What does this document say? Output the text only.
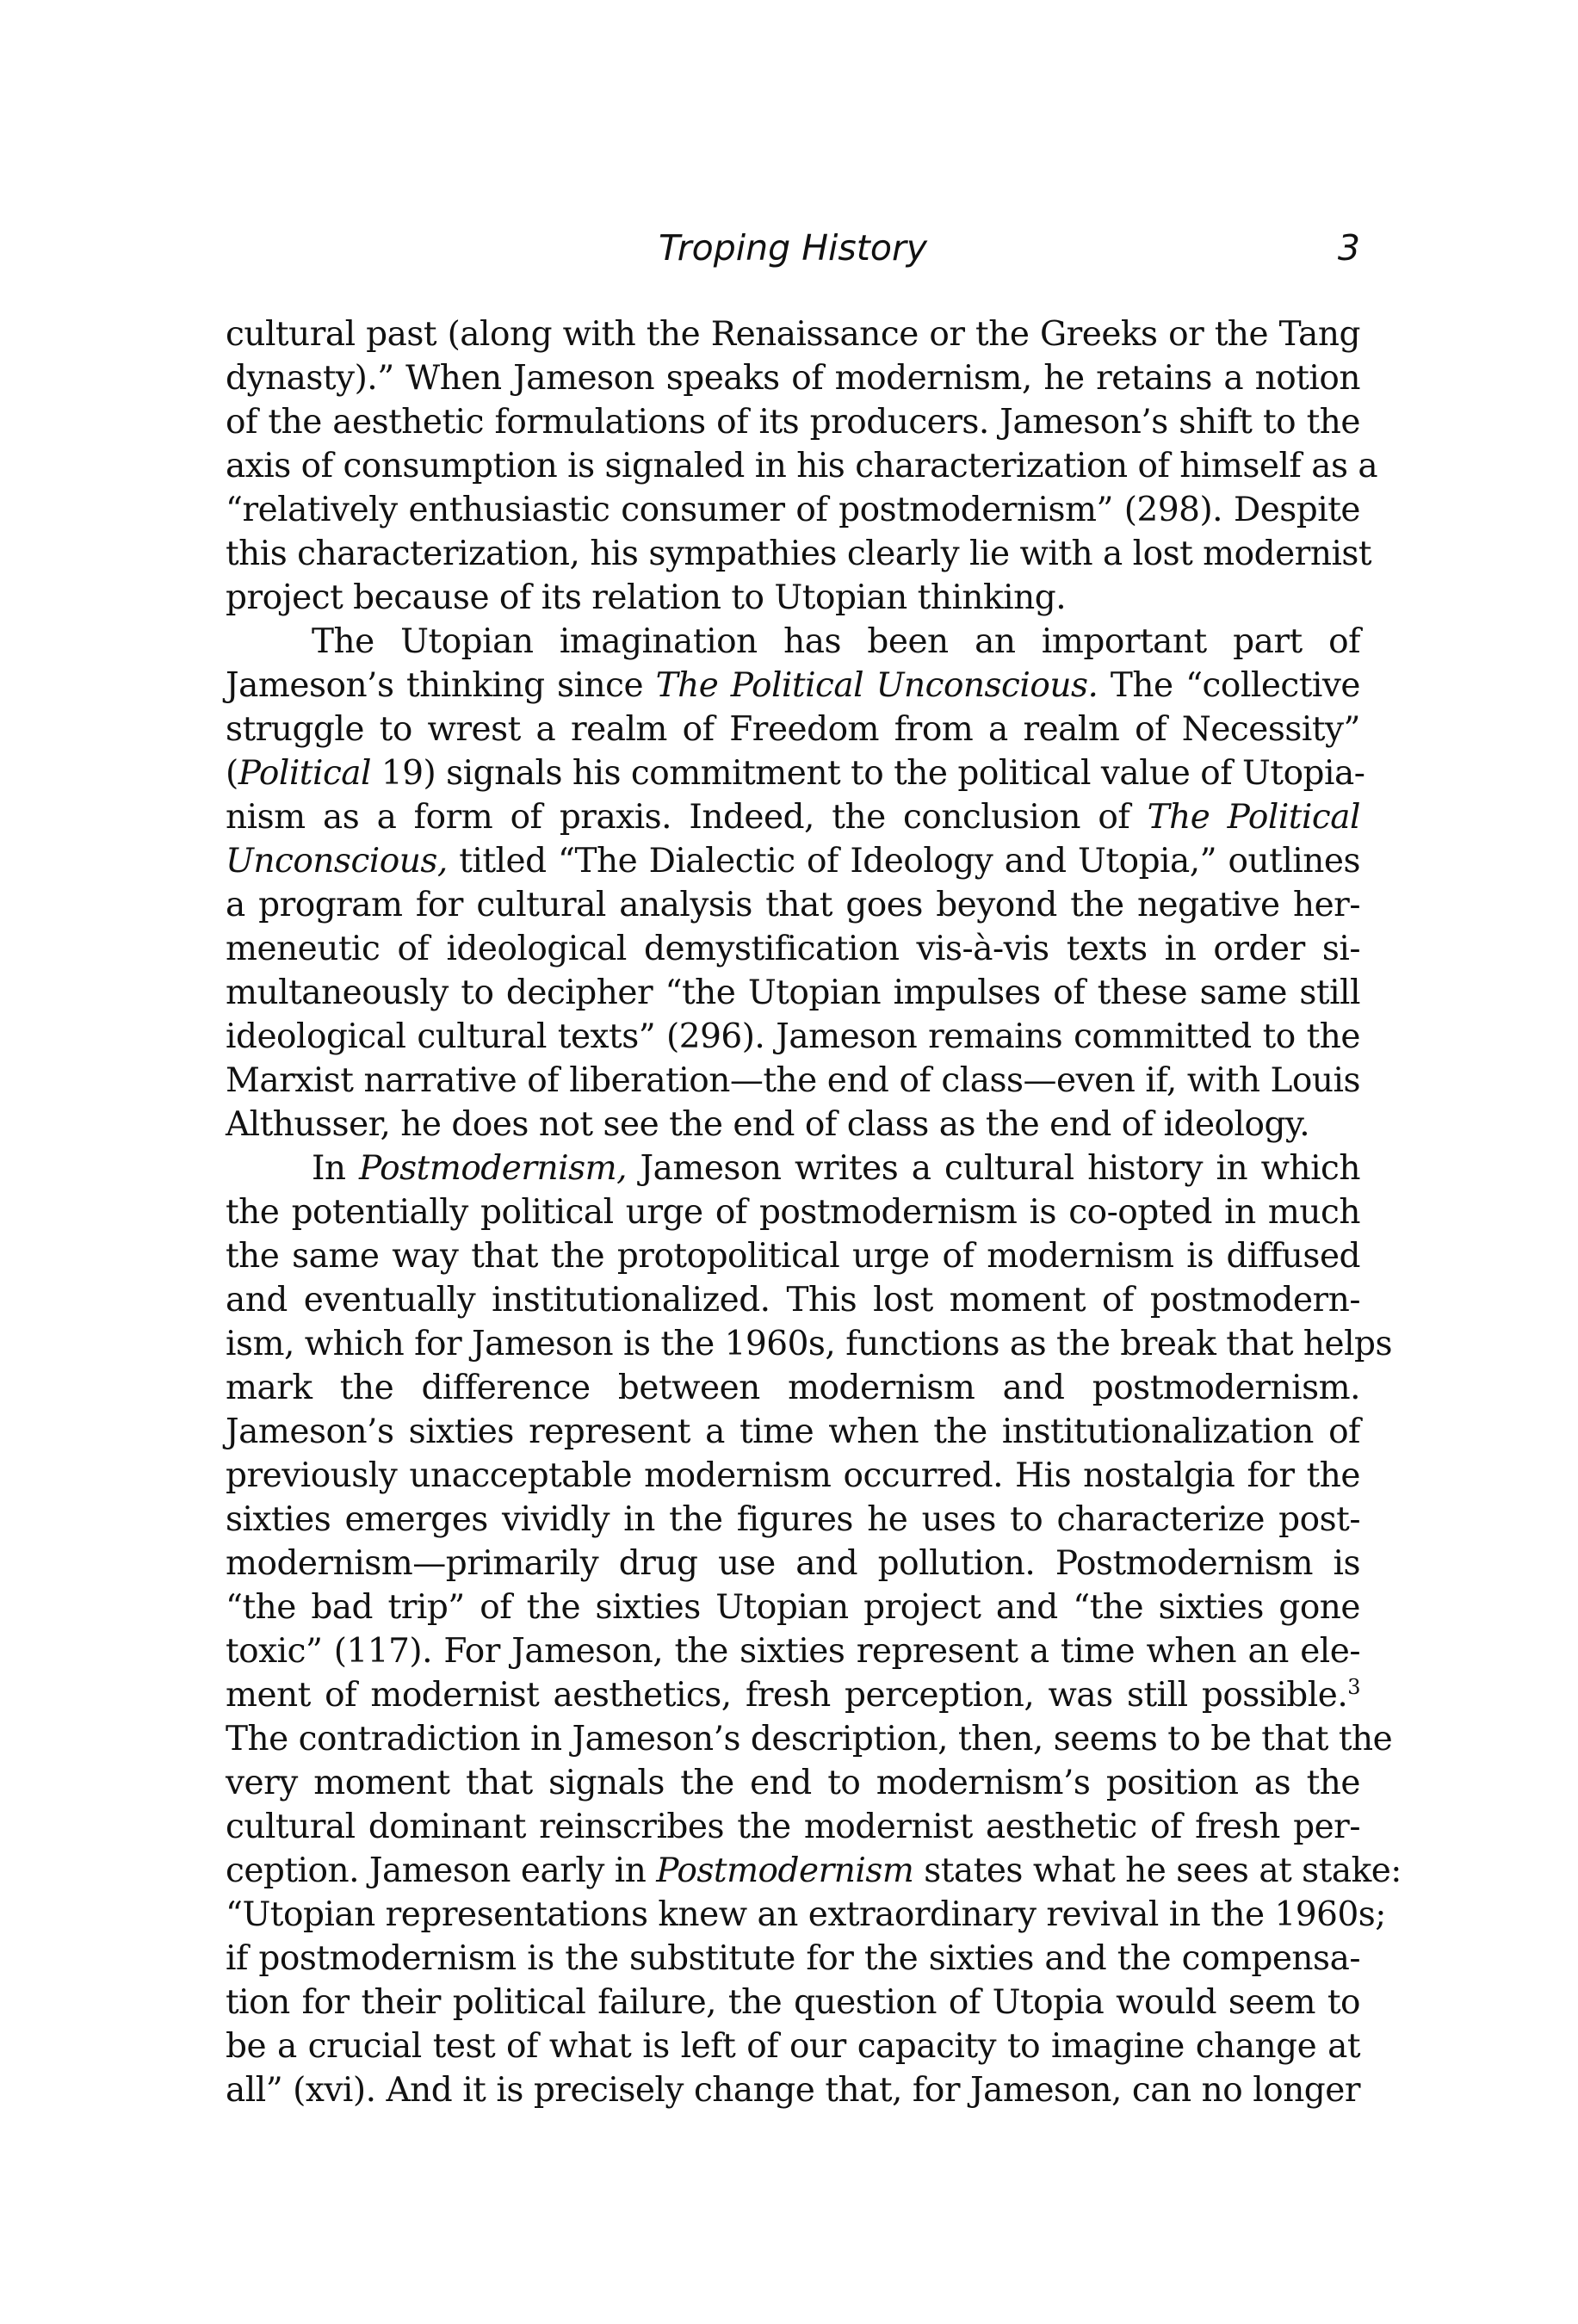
Troping History	3
cultural past (along with the Renaissance or the Greeks or the Tang
dynasty).” When Jameson speaks of modernism, he retains a notion
of the aesthetic formulations of its producers. Jameson’s shift to the
axis of consumption is signaled in his characterization of himself as a
“relatively enthusiastic consumer of postmodernism” (298). Despite
this characterization, his sympathies clearly lie with a lost modernist
project because of its relation to Utopian thinking.
The Utopian imagination has been an important part of
Jameson’s thinking since The Political Unconscious. The “collective
struggle to wrest a realm of Freedom from a realm of Necessity”
(Political 19) signals his commitment to the political value of Utopia-
nism as a form of praxis. Indeed, the conclusion of The Political
Unconscious, titled “The Dialectic of Ideology and Utopia,” outlines
a program for cultural analysis that goes beyond the negative her-
meneutic of ideological demystification vis-à-vis texts in order si-
multaneously to decipher “the Utopian impulses of these same still
ideological cultural texts” (296). Jameson remains committed to the
Marxist narrative of liberation—the end of class—even if, with Louis
Althusser, he does not see the end of class as the end of ideology.
In Postmodernism, Jameson writes a cultural history in which
the potentially political urge of postmodernism is co-opted in much
the same way that the protopolitical urge of modernism is diffused
and eventually institutionalized. This lost moment of postmodern-
ism, which for Jameson is the 1960s, functions as the break that helps
mark the difference between modernism and postmodernism.
Jameson’s sixties represent a time when the institutionalization of
previously unacceptable modernism occurred. His nostalgia for the
sixties emerges vividly in the figures he uses to characterize post-
modernism—primarily drug use and pollution. Postmodernism is
“the bad trip” of the sixties Utopian project and “the sixties gone
toxic” (117). For Jameson, the sixties represent a time when an ele-
ment of modernist aesthetics, fresh perception, was still possible.$^3$
The contradiction in Jameson’s description, then, seems to be that the
very moment that signals the end to modernism’s position as the
cultural dominant reinscribes the modernist aesthetic of fresh per-
ception. Jameson early in Postmodernism states what he sees at stake:
“Utopian representations knew an extraordinary revival in the 1960s;
if postmodernism is the substitute for the sixties and the compensa-
tion for their political failure, the question of Utopia would seem to
be a crucial test of what is left of our capacity to imagine change at
all” (xvi). And it is precisely change that, for Jameson, can no longer
